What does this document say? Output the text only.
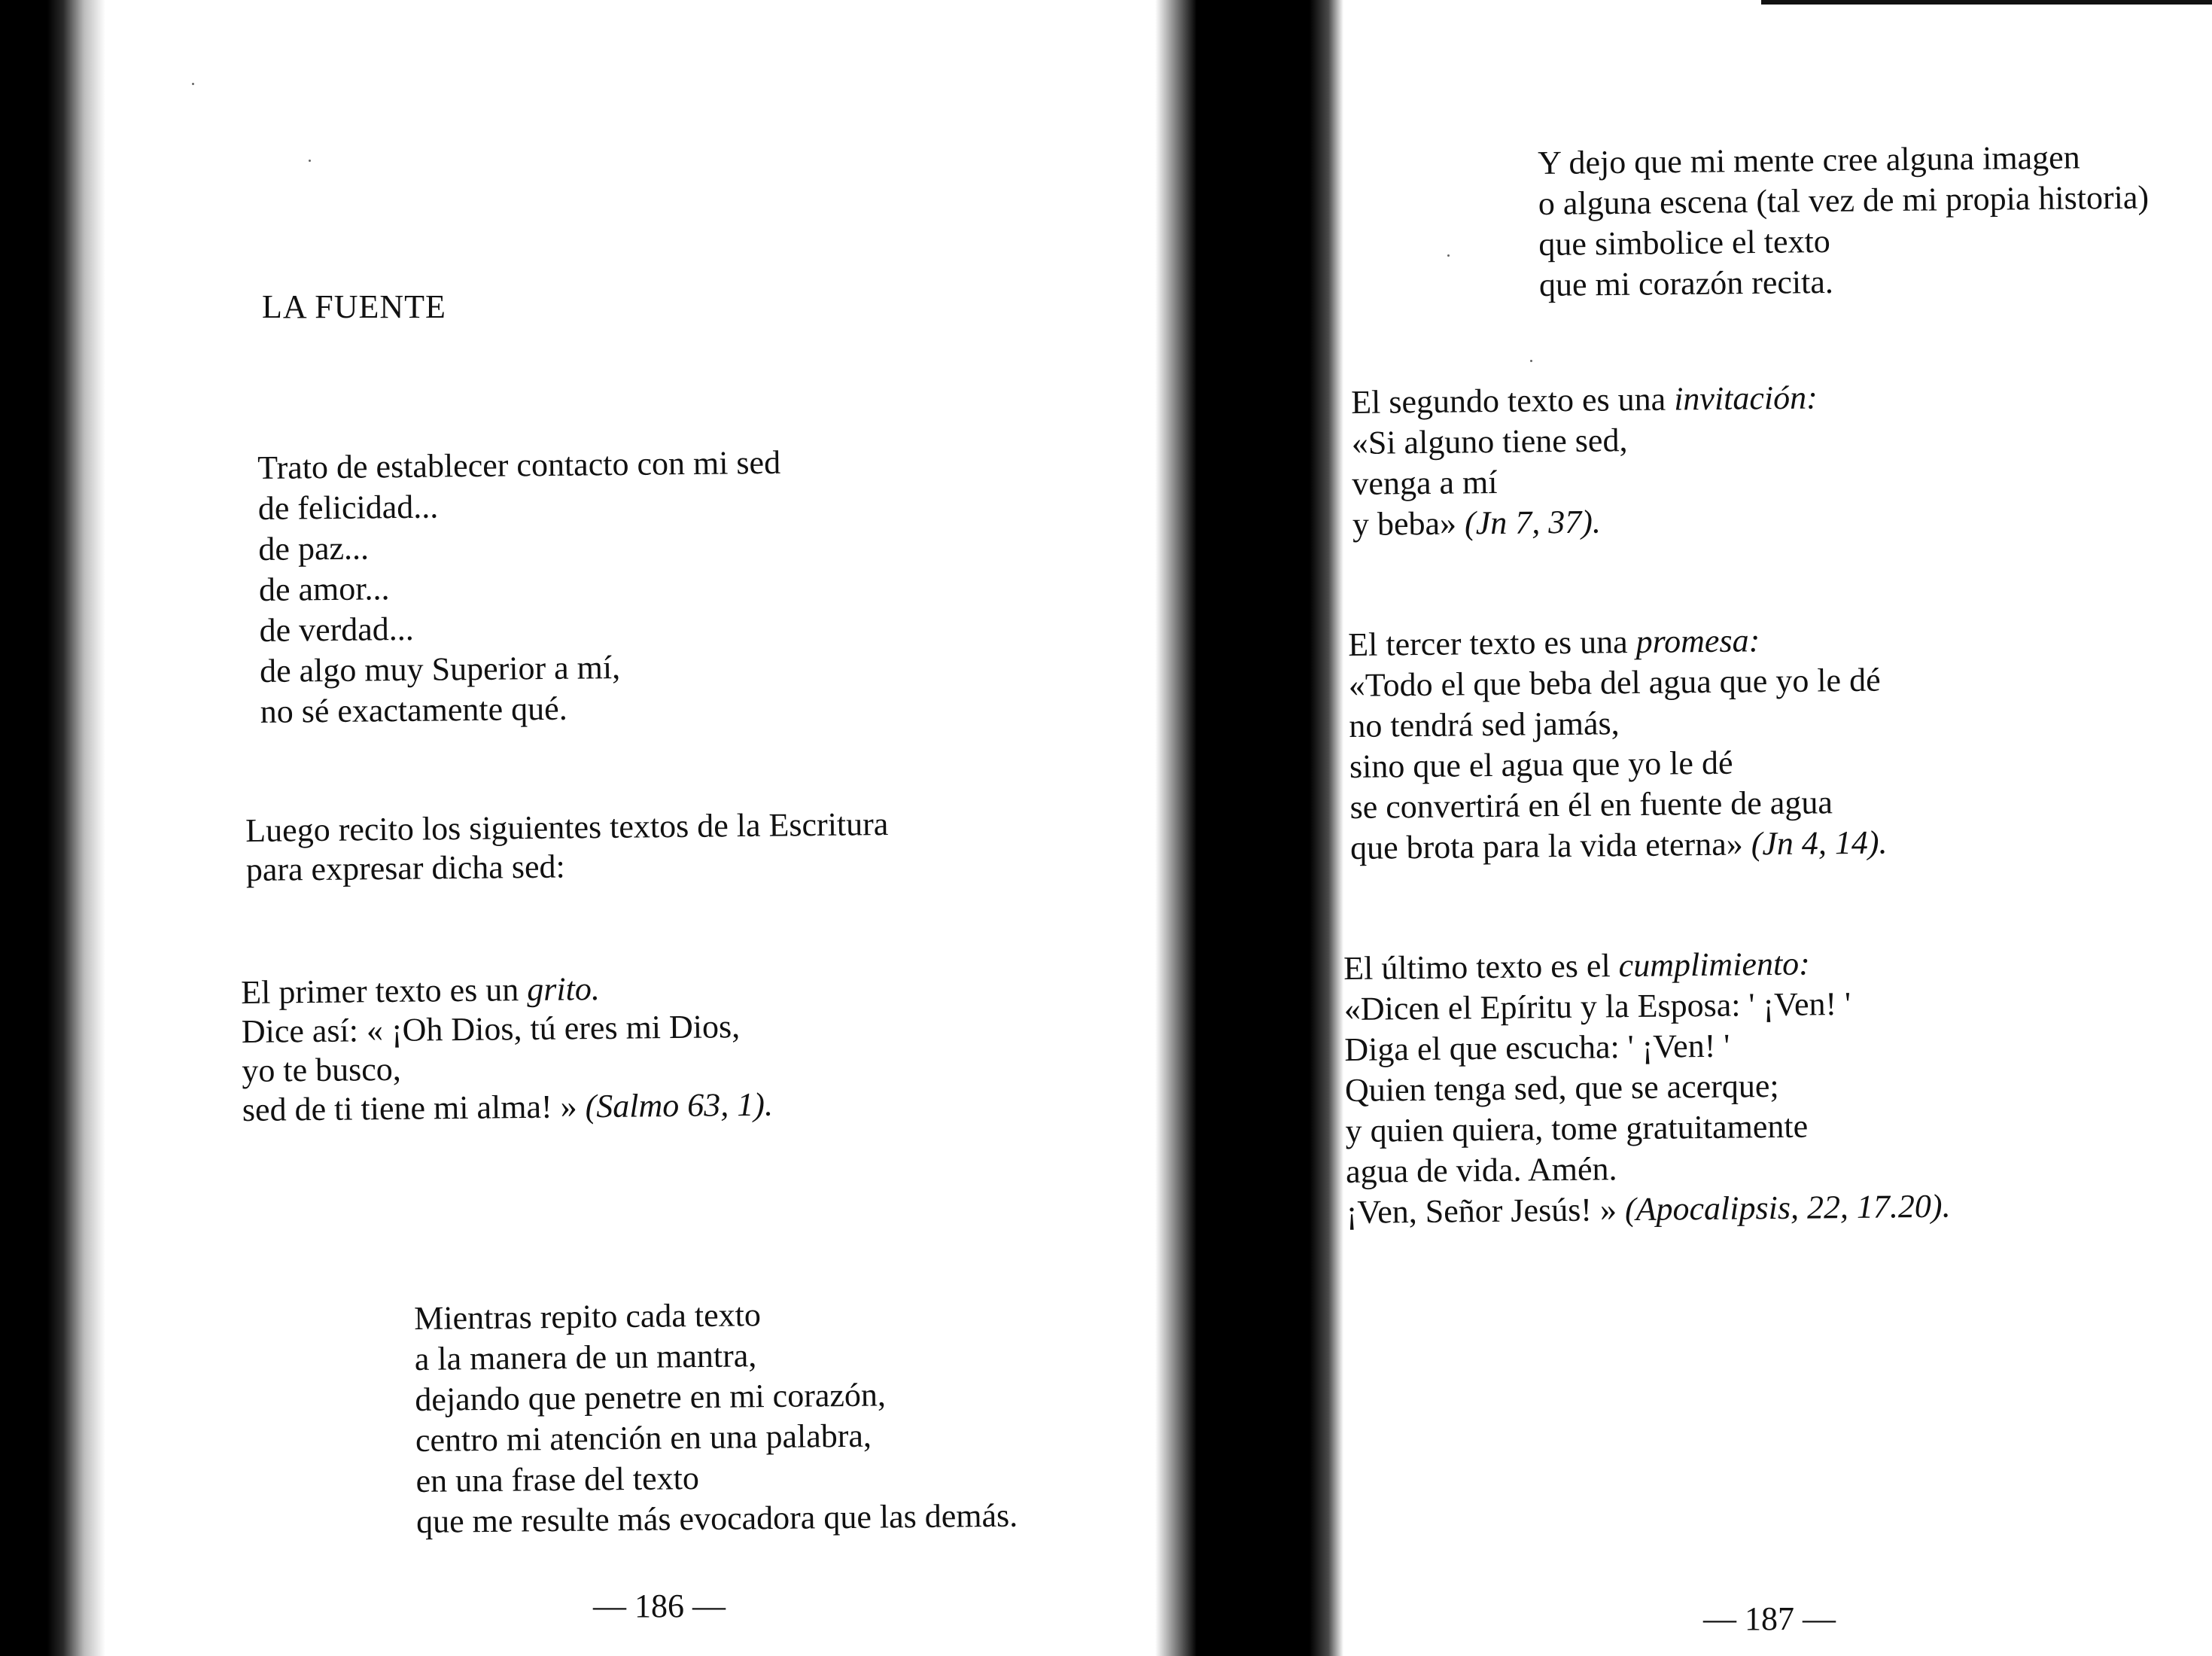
LA FUENTE
Trato de establecer contacto con mi sed
de felicidad...
de paz...
de amor...
de verdad...
de algo muy Superior a mí,
no sé exactamente qué.
Luego recito los siguientes textos de la Escritura
para expresar dicha sed:
El primer texto es un grito.
Dice así: « ¡Oh Dios, tú eres mi Dios,
yo te busco,
sed de ti tiene mi alma! » (Salmo 63, 1).
Mientras repito cada texto
a la manera de un mantra,
dejando que penetre en mi corazón,
centro mi atención en una palabra,
en una frase del texto
que me resulte más evocadora que las demás.
— 186 —
Y dejo que mi mente cree alguna imagen
o alguna escena (tal vez de mi propia historia)
que simbolice el texto
que mi corazón recita.
El segundo texto es una invitación:
«Si alguno tiene sed,
venga a mí
y beba» (Jn 7, 37).
El tercer texto es una promesa:
«Todo el que beba del agua que yo le dé
no tendrá sed jamás,
sino que el agua que yo le dé
se convertirá en él en fuente de agua
que brota para la vida eterna» (Jn 4, 14).
El último texto es el cumplimiento:
«Dicen el Epíritu y la Esposa: ' ¡Ven! '
Diga el que escucha: ' ¡Ven! '
Quien tenga sed, que se acerque;
y quien quiera, tome gratuitamente
agua de vida. Amén.
¡Ven, Señor Jesús! » (Apocalipsis, 22, 17.20).
— 187 —
